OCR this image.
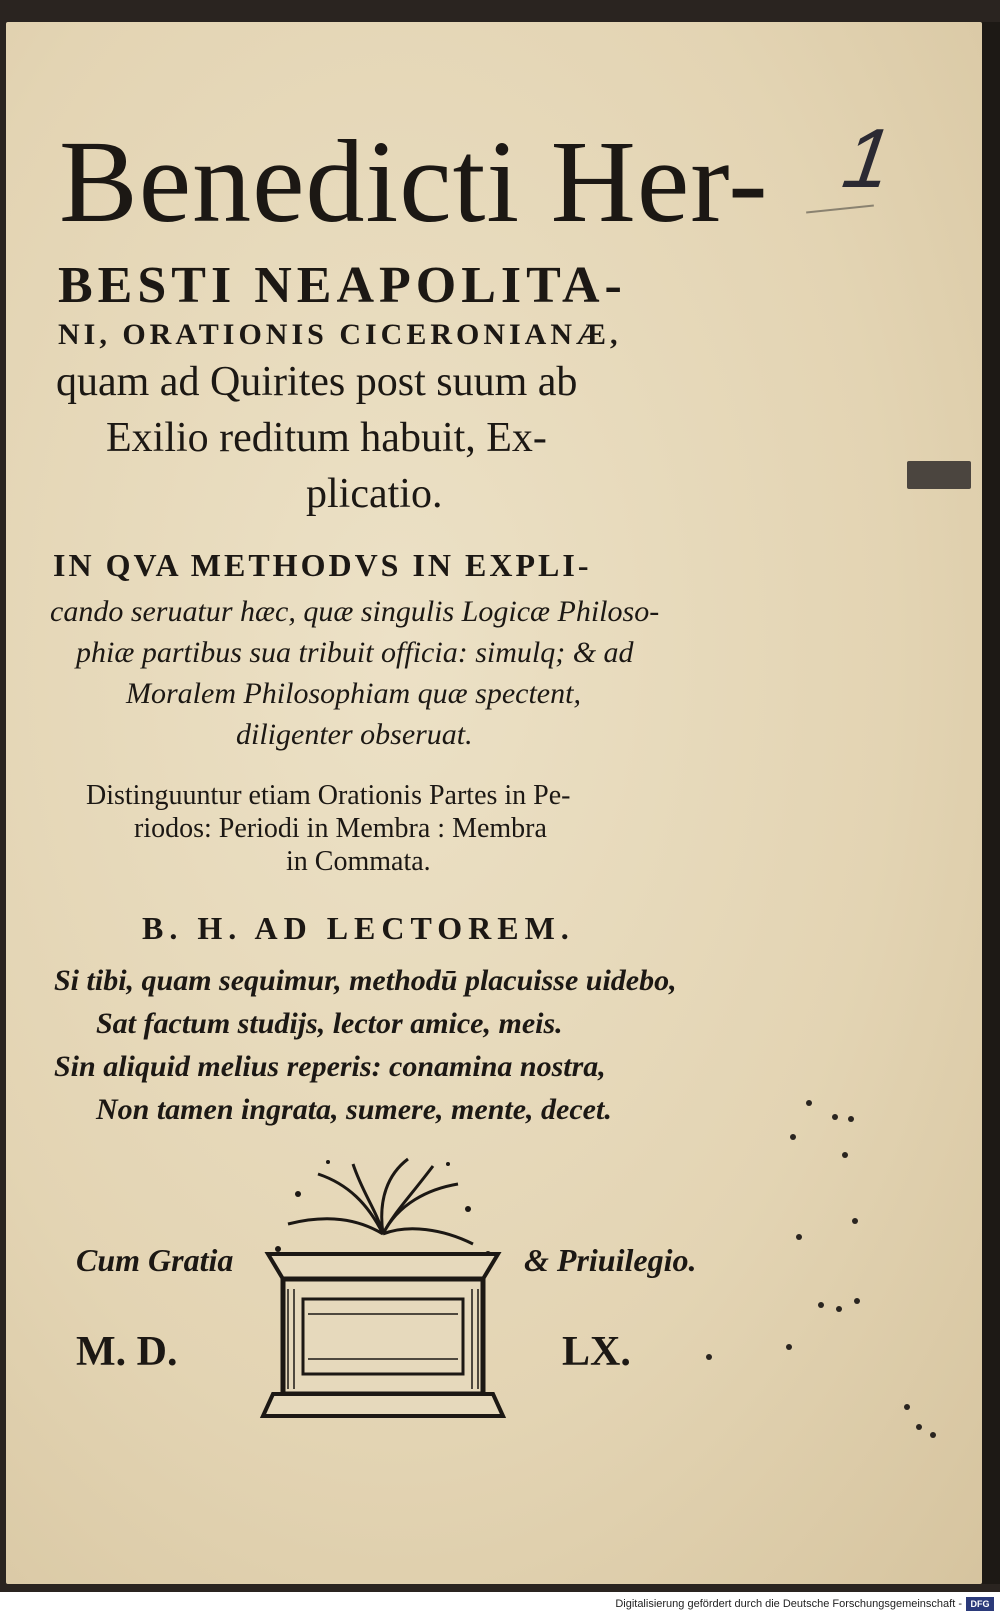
1
Benedicti Her-
BESTI NEAPOLITA-
NI, ORATIONIS CICERONIANÆ,
quam ad Quirites post suum ab
Exilio reditum habuit, Ex-
plicatio.
IN QVA METHODVS IN EXPLI-
cando seruatur hæc, quæ singulis Logicæ Philoso-
phiæ partibus sua tribuit officia: simulq; & ad
Moralem Philosophiam quæ spectent,
diligenter obseruat.
Distinguuntur etiam Orationis Partes in Pe-
riodos: Periodi in Membra : Membra
in Commata.
B. H. AD LECTOREM.
Si tibi, quam sequimur, methodū placuisse uidebo,
Sat factum studijs, lector amice, meis.
Sin aliquid melius reperis: conamina nostra,
Non tamen ingrata, sumere, mente, decet.
Cum Gratia	& Priuilegio.
M. D.	LX.
Digitalisierung gefördert durch die Deutsche Forschungsgemeinschaft - DFG
